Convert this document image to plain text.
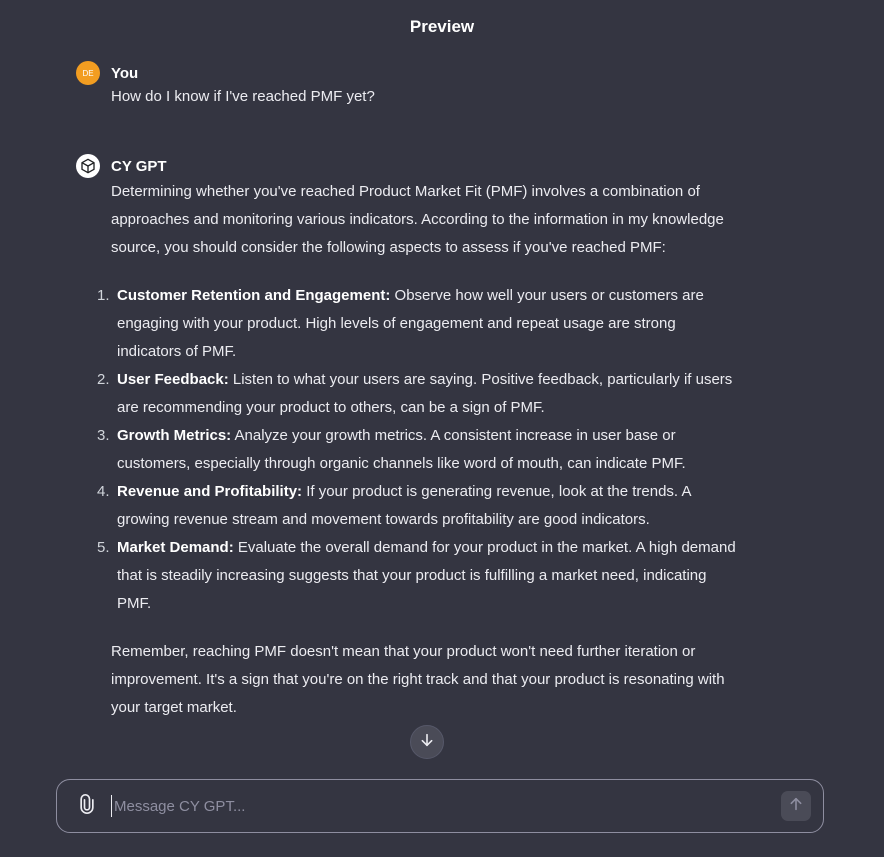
Preview
DE	You
How do I know if I've reached PMF yet?
CY GPT

Determining whether you've reached Product Market Fit (PMF) involves a combination of approaches and monitoring various indicators. According to the information in my knowledge source, you should consider the following aspects to assess if you've reached PMF:

1. Customer Retention and Engagement: Observe how well your users or customers are engaging with your product. High levels of engagement and repeat usage are strong indicators of PMF.
2. User Feedback: Listen to what your users are saying. Positive feedback, particularly if users are recommending your product to others, can be a sign of PMF.
3. Growth Metrics: Analyze your growth metrics. A consistent increase in user base or customers, especially through organic channels like word of mouth, can indicate PMF.
4. Revenue and Profitability: If your product is generating revenue, look at the trends. A growing revenue stream and movement towards profitability are good indicators.
5. Market Demand: Evaluate the overall demand for your product in the market. A high demand that is steadily increasing suggests that your product is fulfilling a market need, indicating PMF.

Remember, reaching PMF doesn't mean that your product won't need further iteration or improvement. It's a sign that you're on the right track and that your product is resonating with your target market.

Message CY GPT...
